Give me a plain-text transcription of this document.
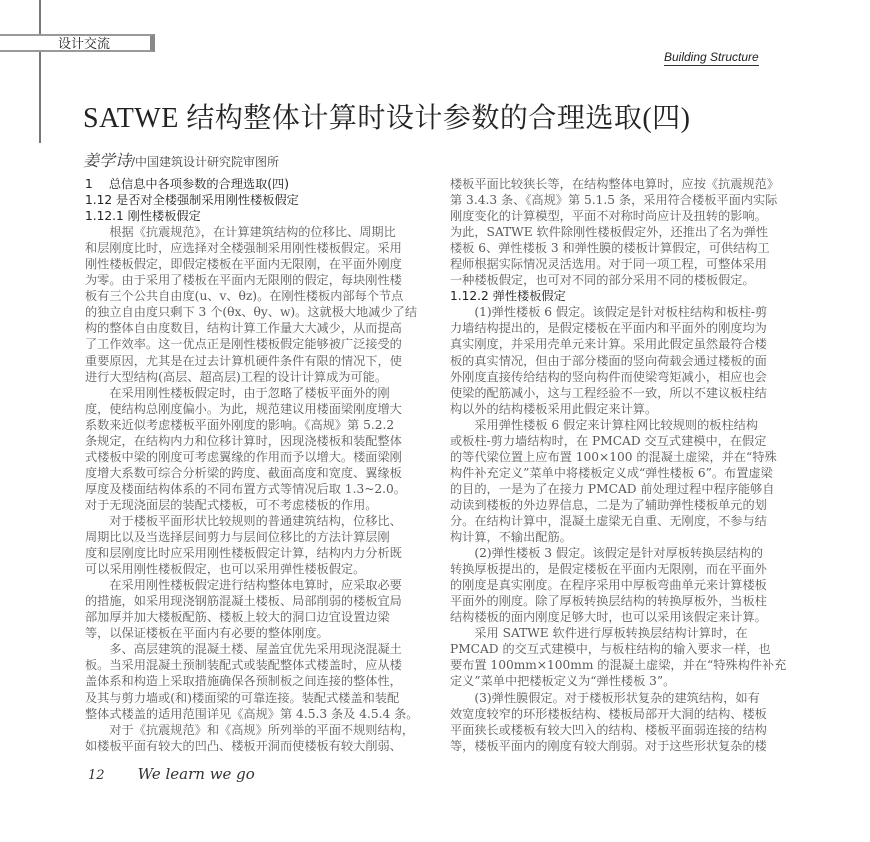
设计交流
Building Structure
SATWE 结构整体计算时设计参数的合理选取(四)
姜学诗/中国建筑设计研究院审图所
1　 总信息中各项参数的合理选取(四)
1.12 是否对全楼强制采用刚性楼板假定
1.12.1 刚性楼板假定
　　根据《抗震规范》，在计算建筑结构的位移比、周期比
和层刚度比时，应选择对全楼强制采用刚性楼板假定。采用
刚性楼板假定，即假定楼板在平面内无限刚，在平面外刚度
为零。由于采用了楼板在平面内无限刚的假定，每块刚性楼
板有三个公共自由度(u、v、θz)。在刚性楼板内部每个节点
的独立自由度只剩下 3 个(θx、θy、w)。这就极大地减少了结
构的整体自由度数目，结构计算工作量大大减少，从而提高
了工作效率。这一优点正是刚性楼板假定能够被广泛接受的
重要原因，尤其是在过去计算机硬件条件有限的情况下，使
进行大型结构(高层、超高层)工程的设计计算成为可能。
　　在采用刚性楼板假定时，由于忽略了楼板平面外的刚
度，使结构总刚度偏小。为此，规范建议用楼面梁刚度增大
系数来近似考虑楼板平面外刚度的影响。《高规》第 5.2.2
条规定，在结构内力和位移计算时，因现浇楼板和装配整体
式楼板中梁的刚度可考虑翼缘的作用而予以增大。楼面梁刚
度增大系数可综合分析梁的跨度、截面高度和宽度、翼缘板
厚度及楼面结构体系的不同布置方式等情况后取 1.3~2.0。
对于无现浇面层的装配式楼板，可不考虑楼板的作用。
　　对于楼板平面形状比较规则的普通建筑结构，位移比、
周期比以及当选择层间剪力与层间位移比的方法计算层刚
度和层刚度比时应采用刚性楼板假定计算，结构内力分析既
可以采用刚性楼板假定，也可以采用弹性楼板假定。
　　在采用刚性楼板假定进行结构整体电算时，应采取必要
的措施，如采用现浇钢筋混凝土楼板、局部削弱的楼板宜局
部加厚并加大楼板配筋、楼板上较大的洞口边宜设置边梁
等，以保证楼板在平面内有必要的整体刚度。
　　多、高层建筑的混凝土楼、屋盖宜优先采用现浇混凝土
板。当采用混凝土预制装配式或装配整体式楼盖时，应从楼
盖体系和构造上采取措施确保各预制板之间连接的整体性，
及其与剪力墙或(和)楼面梁的可靠连接。装配式楼盖和装配
整体式楼盖的适用范围详见《高规》第 4.5.3 条及 4.5.4 条。
　　对于《抗震规范》和《高规》所列举的平面不规则结构，
如楼板平面有较大的凹凸、楼板开洞而使楼板有较大削弱、
楼板平面比较狭长等，在结构整体电算时，应按《抗震规范》
第 3.4.3 条、《高规》第 5.1.5 条，采用符合楼板平面内实际
刚度变化的计算模型，平面不对称时尚应计及扭转的影响。
为此，SATWE 软件除刚性楼板假定外，还推出了名为弹性
楼板 6、弹性楼板 3 和弹性膜的楼板计算假定，可供结构工
程师根据实际情况灵活选用。对于同一项工程，可整体采用
一种楼板假定，也可对不同的部分采用不同的楼板假定。
1.12.2 弹性楼板假定
　　(1)弹性楼板 6 假定。该假定是针对板柱结构和板柱-剪
力墙结构提出的，是假定楼板在平面内和平面外的刚度均为
真实刚度，并采用壳单元来计算。采用此假定虽然最符合楼
板的真实情况，但由于部分楼面的竖向荷载会通过楼板的面
外刚度直接传给结构的竖向构件而使梁弯矩减小，相应也会
使梁的配筋减小，这与工程经验不一致，所以不建议板柱结
构以外的结构楼板采用此假定来计算。
　　采用弹性楼板 6 假定来计算柱网比较规则的板柱结构
或板柱-剪力墙结构时，在 PMCAD 交互式建模中，在假定
的等代梁位置上应布置 100×100 的混凝土虚梁，并在“特殊
构件补充定义”菜单中将楼板定义成“弹性楼板 6”。布置虚梁
的目的，一是为了在接力 PMCAD 前处理过程中程序能够自
动读到楼板的外边界信息，二是为了辅助弹性楼板单元的划
分。在结构计算中，混凝土虚梁无自重、无刚度，不参与结
构计算，不输出配筋。
　　(2)弹性楼板 3 假定。该假定是针对厚板转换层结构的
转换厚板提出的，是假定楼板在平面内无限刚，而在平面外
的刚度是真实刚度。在程序采用中厚板弯曲单元来计算楼板
平面外的刚度。除了厚板转换层结构的转换厚板外，当板柱
结构楼板的面内刚度足够大时，也可以采用该假定来计算。
　　采用 SATWE 软件进行厚板转换层结构计算时，在
PMCAD 的交互式建模中，与板柱结构的输入要求一样，也
要布置 100mm×100mm 的混凝土虚梁，并在“特殊构件补充
定义”菜单中把楼板定义为“弹性楼板 3”。
　　(3)弹性膜假定。对于楼板形状复杂的建筑结构，如有
效宽度较窄的环形楼板结构、楼板局部开大洞的结构、楼板
平面狭长或楼板有较大凹入的结构、楼板平面弱连接的结构
等，楼板平面内的刚度有较大削弱。对于这些形状复杂的楼
12 We learn we go
